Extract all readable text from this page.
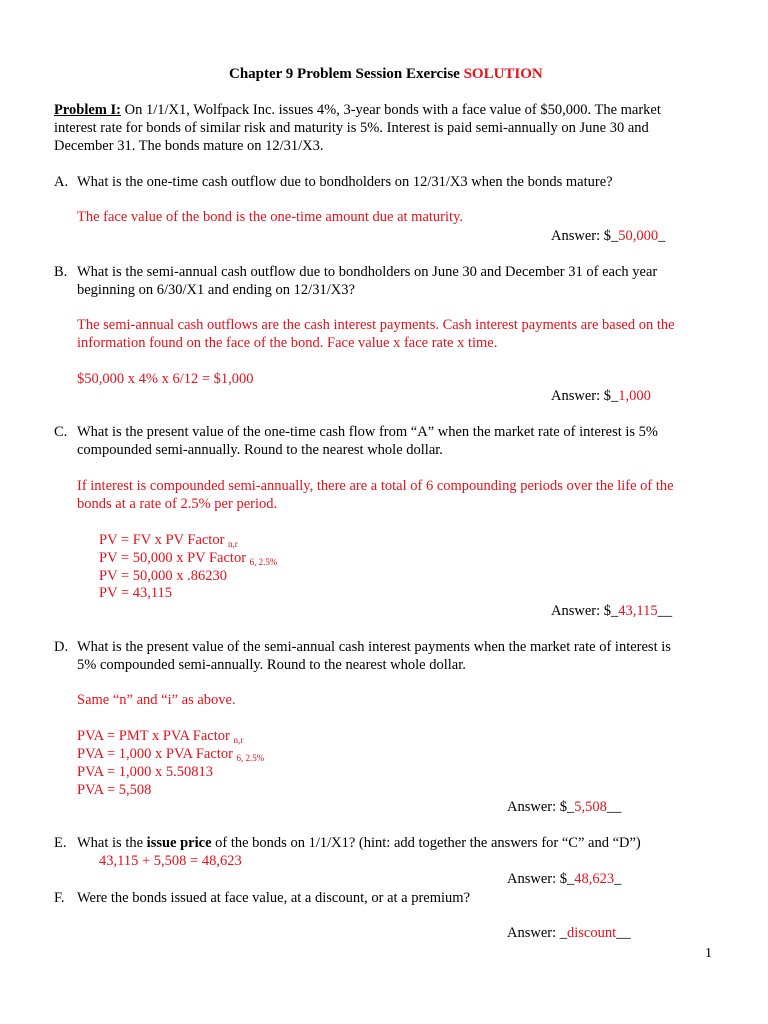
Chapter 9 Problem Session Exercise SOLUTION
Problem I: On 1/1/X1, Wolfpack Inc. issues 4%, 3-year bonds with a face value of $50,000. The market
interest rate for bonds of similar risk and maturity is 5%. Interest is paid semi-annually on June 30 and
December 31. The bonds mature on 12/31/X3.
A. What is the one-time cash outflow due to bondholders on 12/31/X3 when the bonds mature?
The face value of the bond is the one-time amount due at maturity.
Answer: $_50,000_
B. What is the semi-annual cash outflow due to bondholders on June 30 and December 31 of each year
beginning on 6/30/X1 and ending on 12/31/X3?
The semi-annual cash outflows are the cash interest payments. Cash interest payments are based on the
information found on the face of the bond. Face value x face rate x time.
$50,000 x 4% x 6/12 = $1,000
Answer: $_1,000
C. What is the present value of the one-time cash flow from “A” when the market rate of interest is 5%
compounded semi-annually. Round to the nearest whole dollar.
If interest is compounded semi-annually, there are a total of 6 compounding periods over the life of the
bonds at a rate of 2.5% per period.
PV = FV x PV Factor $_{n,r}$
PV = 50,000 x PV Factor $_{6, 2.5\%}$
PV = 50,000 x .86230
PV = 43,115
Answer: $_43,115__
D. What is the present value of the semi-annual cash interest payments when the market rate of interest is
5% compounded semi-annually. Round to the nearest whole dollar.
Same “n” and “i” as above.
PVA = PMT x PVA Factor $_{n,r}$
PVA = 1,000 x PVA Factor $_{6, 2.5\%}$
PVA = 1,000 x 5.50813
PVA = 5,508
Answer: $_5,508__
E. What is the issue price of the bonds on 1/1/X1? (hint: add together the answers for “C” and “D”)
43,115 + 5,508 = 48,623
Answer: $_48,623_
F. Were the bonds issued at face value, at a discount, or at a premium?
Answer: _discount__
1
